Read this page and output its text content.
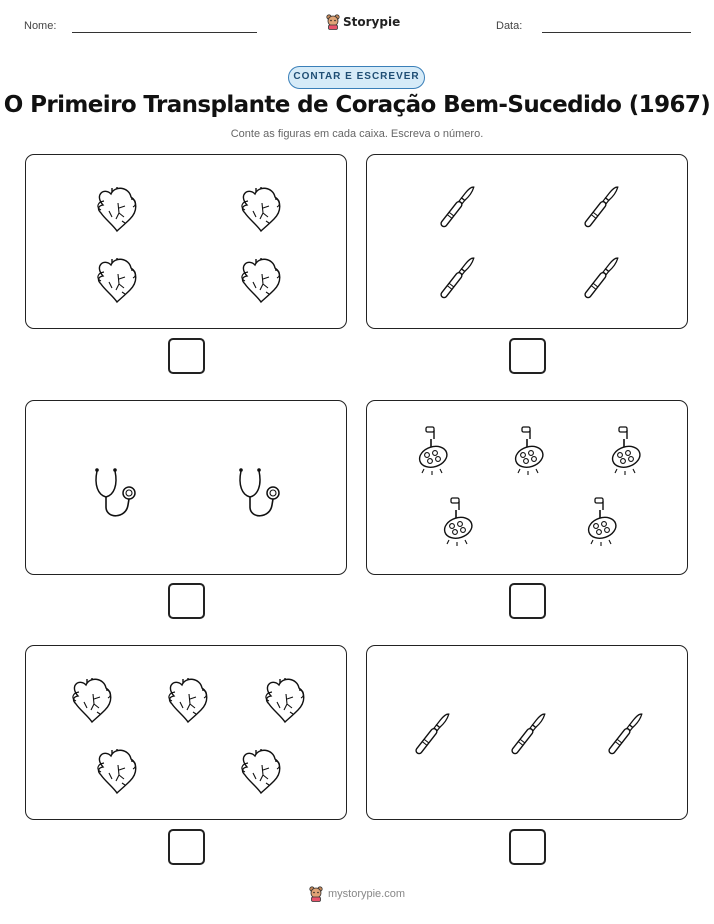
Nome:	Storypie	Data:
CONTAR E ESCREVER
O Primeiro Transplante de Coração Bem-Sucedido (1967)
Conte as figuras em cada caixa. Escreva o número.
mystorypie.com
